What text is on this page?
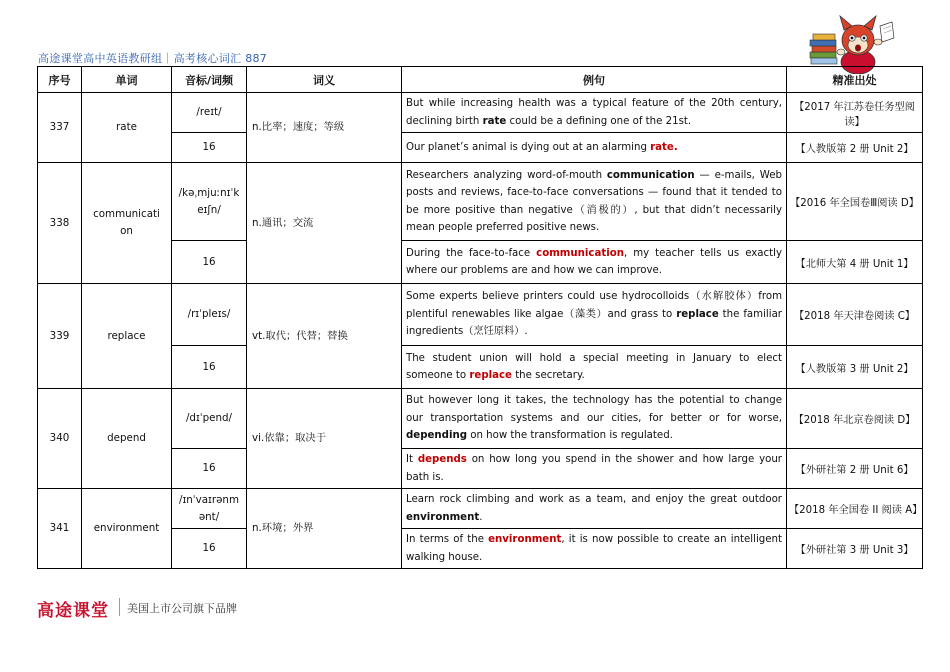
高途课堂高中英语教研组｜高考核心词汇 887
序号	单词	音标/词频	词义	例句	精准出处
337	rate	/reɪt/	n.比率；速度；等级	But while increasing health was a typical feature of the 20th century, declining birth rate could be a defining one of the 21st.	【2017 年江苏卷任务型阅读】
		16		Our planet’s animal is dying out at an alarming rate.	【人教版第 2 册 Unit 2】
338	communication	/kəˌmjuːnɪˈkeɪʃn/	n.通讯；交流	Researchers analyzing word-of-mouth communication — e-mails, Web posts and reviews, face-to-face conversations — found that it tended to be more positive than negative（消极的）, but that didn’t necessarily mean people preferred positive news.	【2016 年全国卷Ⅲ阅读 D】
		16		During the face-to-face communication, my teacher tells us exactly where our problems are and how we can improve.	【北师大第 4 册 Unit 1】
339	replace	/rɪˈpleɪs/	vt.取代；代替；替换	Some experts believe printers could use hydrocolloids（水解胶体）from plentiful renewables like algae（藻类）and grass to replace the familiar ingredients（烹饪原料）.	【2018 年天津卷阅读 C】
		16		The student union will hold a special meeting in January to elect someone to replace the secretary.	【人教版第 3 册 Unit 2】
340	depend	/dɪˈpend/	vi.依靠；取决于	But however long it takes, the technology has the potential to change our transportation systems and our cities, for better or for worse, depending on how the transformation is regulated.	【2018 年北京卷阅读 D】
		16		It depends on how long you spend in the shower and how large your bath is.	【外研社第 2 册 Unit 6】
341	environment	/ɪnˈvaɪrənmənt/	n.环境；外界	Learn rock climbing and work as a team, and enjoy the great outdoor environment.	【2018 年全国卷 II 阅读 A】
		16		In terms of the environment, it is now possible to create an intelligent walking house.	【外研社第 3 册 Unit 3】
高途课堂 美国上市公司旗下品牌
